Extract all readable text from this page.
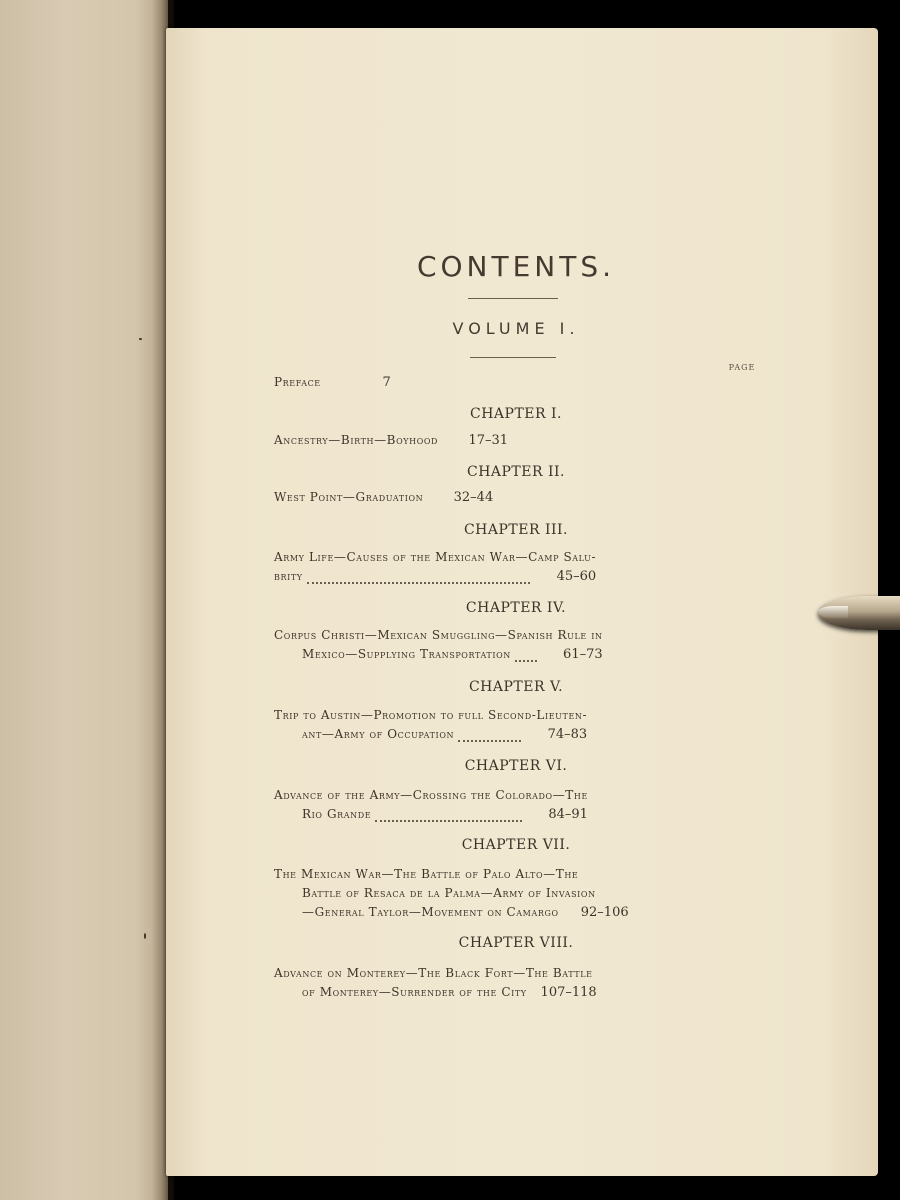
CONTENTS.
VOLUME I.
PAGE
Preface	7
CHAPTER I.
Ancestry—Birth—Boyhood	17–31
CHAPTER II.
West Point—Graduation	32–44
CHAPTER III.
Army Life—Causes of the Mexican War—Camp Salu-
brity	45–60
CHAPTER IV.
Corpus Christi—Mexican Smuggling—Spanish Rule in
Mexico—Supplying Transportation	61–73
CHAPTER V.
Trip to Austin—Promotion to full Second-Lieuten-
ant—Army of Occupation	74–83
CHAPTER VI.
Advance of the Army—Crossing the Colorado—The
Rio Grande	84–91
CHAPTER VII.
The Mexican War—The Battle of Palo Alto—The
Battle of Resaca de la Palma—Army of Invasion
—General Taylor—Movement on Camargo	92–106
CHAPTER VIII.
Advance on Monterey—The Black Fort—The Battle
of Monterey—Surrender of the City	107–118
